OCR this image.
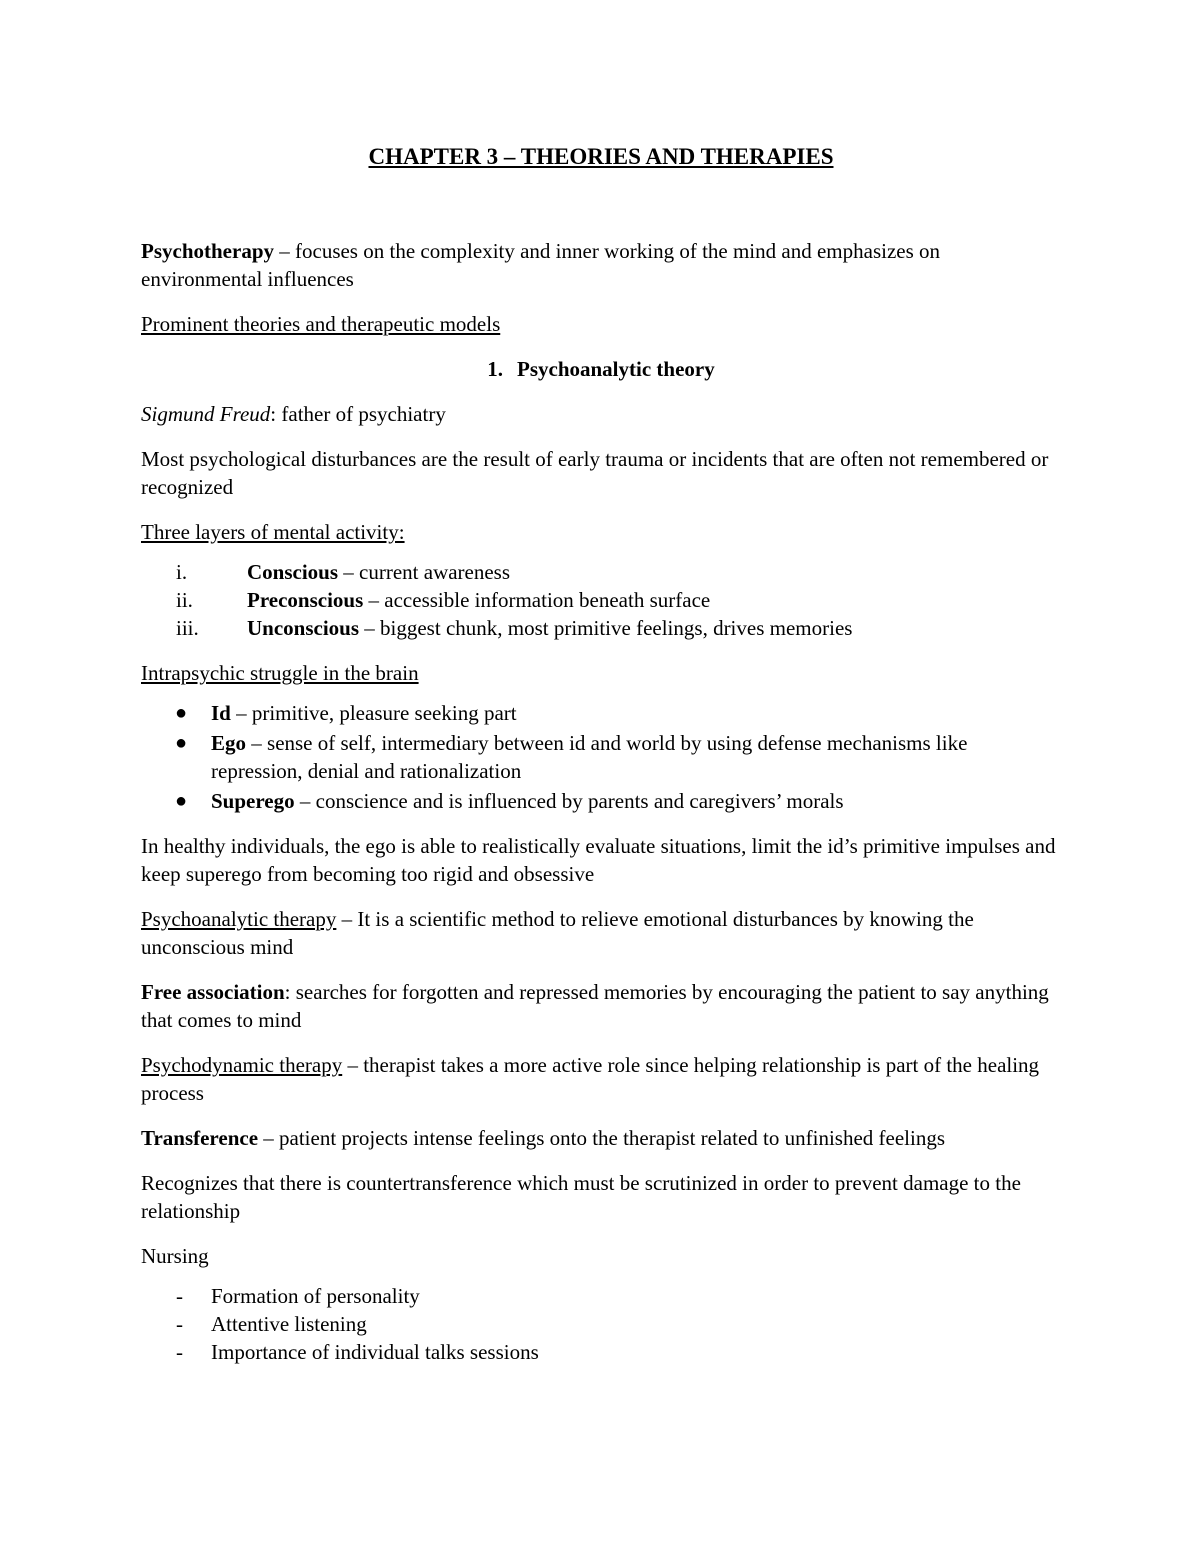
CHAPTER 3 – THEORIES AND THERAPIES

Psychotherapy – focuses on the complexity and inner working of the mind and emphasizes on environmental influences

Prominent theories and therapeutic models

1. Psychoanalytic theory

Sigmund Freud: father of psychiatry

Most psychological disturbances are the result of early trauma or incidents that are often not remembered or recognized

Three layers of mental activity:

i.	Conscious – current awareness
ii.	Preconscious – accessible information beneath surface
iii. Unconscious – biggest chunk, most primitive feelings, drives memories

Intrapsychic struggle in the brain

● Id – primitive, pleasure seeking part
● Ego – sense of self, intermediary between id and world by using defense mechanisms like repression, denial and rationalization
● Superego – conscience and is influenced by parents and caregivers’ morals

In healthy individuals, the ego is able to realistically evaluate situations, limit the id’s primitive impulses and keep superego from becoming too rigid and obsessive

Psychoanalytic therapy – It is a scientific method to relieve emotional disturbances by knowing the unconscious mind

Free association: searches for forgotten and repressed memories by encouraging the patient to say anything that comes to mind

Psychodynamic therapy – therapist takes a more active role since helping relationship is part of the healing process

Transference – patient projects intense feelings onto the therapist related to unfinished feelings

Recognizes that there is countertransference which must be scrutinized in order to prevent damage to the relationship

Nursing

- Formation of personality
- Attentive listening
- Importance of individual talks sessions
